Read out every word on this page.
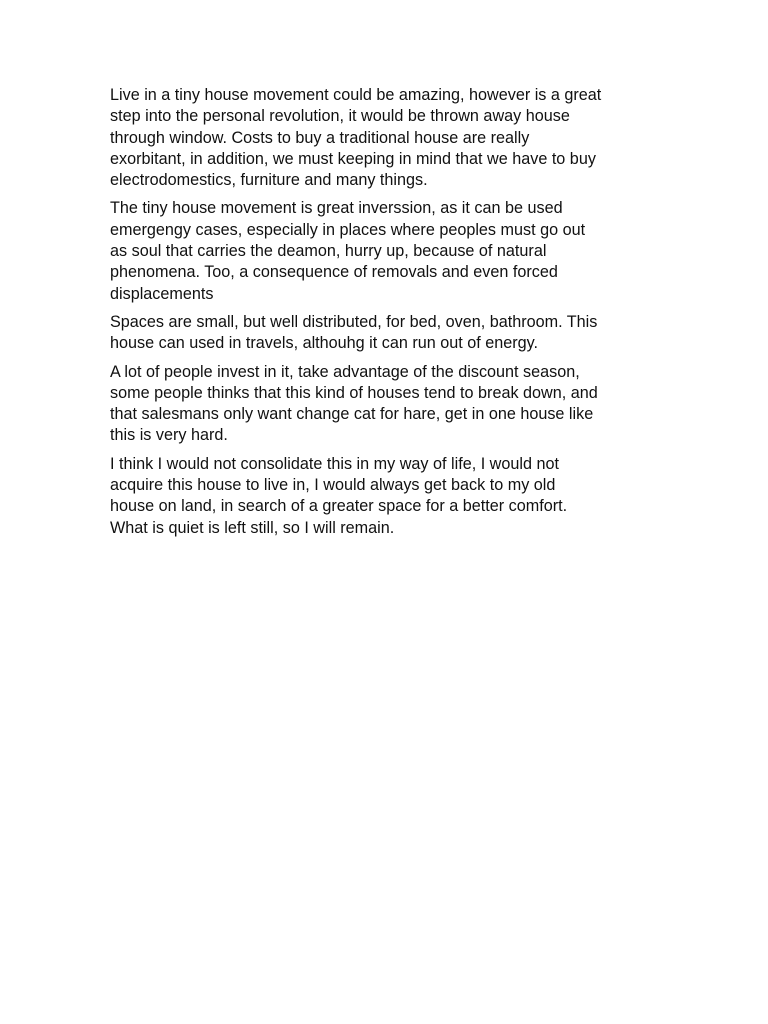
Live in a tiny house movement could be amazing, however is a great
step into the personal revolution, it would be thrown away house
through window. Costs to buy a traditional house are really
exorbitant, in addition, we must keeping in mind that we have to buy
electrodomestics, furniture and many things.

The tiny house movement is great inverssion, as it can be used
emergengy cases, especially in places where peoples must go out
as soul that carries the deamon, hurry up, because of natural
phenomena. Too, a consequence of removals and even forced
displacements

Spaces are small, but well distributed, for bed, oven, bathroom. This
house can used in travels, althouhg it can run out of energy.

A lot of people invest in it, take advantage of the discount season,
some people thinks that this kind of houses tend to break down, and
that salesmans only want change cat for hare, get in one house like
this is very hard.

I think I would not consolidate this in my way of life, I would not
acquire this house to live in, I would always get back to my old
house on land, in search of a greater space for a better comfort.
What is quiet is left still, so I will remain.
